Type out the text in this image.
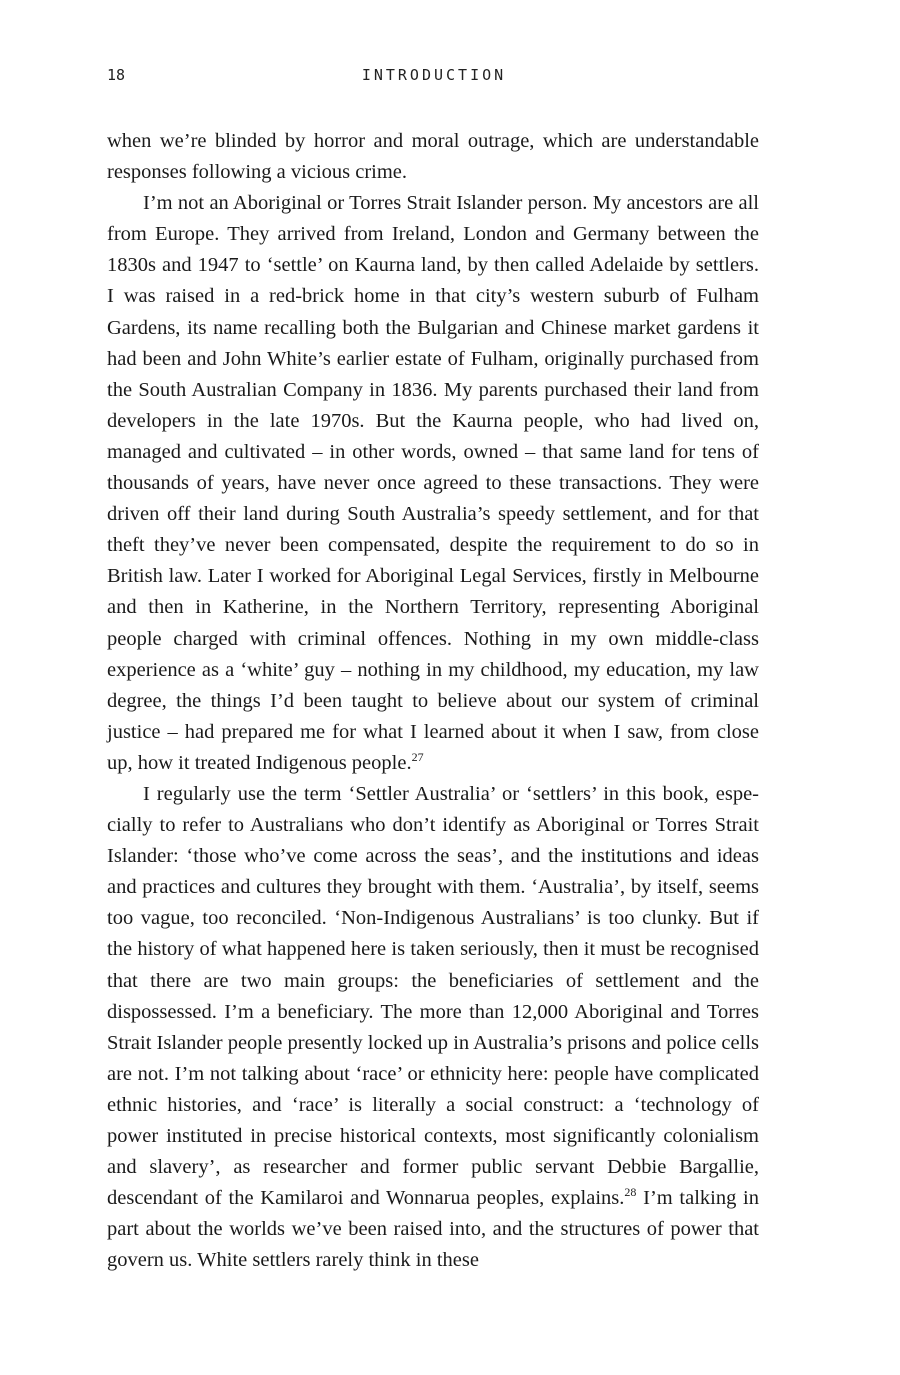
18	INTRODUCTION

when we’re blinded by horror and moral outrage, which are understandable responses following a vicious crime.

I’m not an Aboriginal or Torres Strait Islander person. My ancestors are all from Europe. They arrived from Ireland, London and Germany between the 1830s and 1947 to ‘settle’ on Kaurna land, by then called Adelaide by settlers. I was raised in a red-brick home in that city’s western suburb of Fulham Gardens, its name recalling both the Bulgarian and Chinese market gardens it had been and John White’s earlier estate of Fulham, originally purchased from the South Australian Company in 1836. My parents purchased their land from developers in the late 1970s. But the Kaurna people, who had lived on, managed and cultivated – in other words, owned – that same land for tens of thousands of years, have never once agreed to these transactions. They were driven off their land during South Australia’s speedy settlement, and for that theft they’ve never been compensated, despite the requirement to do so in British law. Later I worked for Aboriginal Legal Services, firstly in Melbourne and then in Katherine, in the Northern Territory, representing Aboriginal people charged with criminal offences. Nothing in my own middle-class experience as a ‘white’ guy – nothing in my childhood, my education, my law degree, the things I’d been taught to believe about our system of criminal justice – had prepared me for what I learned about it when I saw, from close up, how it treated Indigenous people.$^{27}$

I regularly use the term ‘Settler Australia’ or ‘settlers’ in this book, especially to refer to Australians who don’t identify as Aboriginal or Torres Strait Islander: ‘those who’ve come across the seas’, and the institutions and ideas and practices and cultures they brought with them. ‘Australia’, by itself, seems too vague, too reconciled. ‘Non-Indigenous Australians’ is too clunky. But if the history of what happened here is taken seriously, then it must be recognised that there are two main groups: the beneficiaries of settlement and the dispossessed. I’m a beneficiary. The more than 12,000 Aboriginal and Torres Strait Islander people presently locked up in Australia’s prisons and police cells are not. I’m not talking about ‘race’ or ethnicity here: people have complicated ethnic histories, and ‘race’ is literally a social construct: a ‘technology of power instituted in precise historical contexts, most significantly colonialism and slavery’, as researcher and former public servant Debbie Bargallie, descendant of the Kamilaroi and Wonnarua peoples, explains.$^{28}$ I’m talking in part about the worlds we’ve been raised into, and the structures of power that govern us. White settlers rarely think in these
